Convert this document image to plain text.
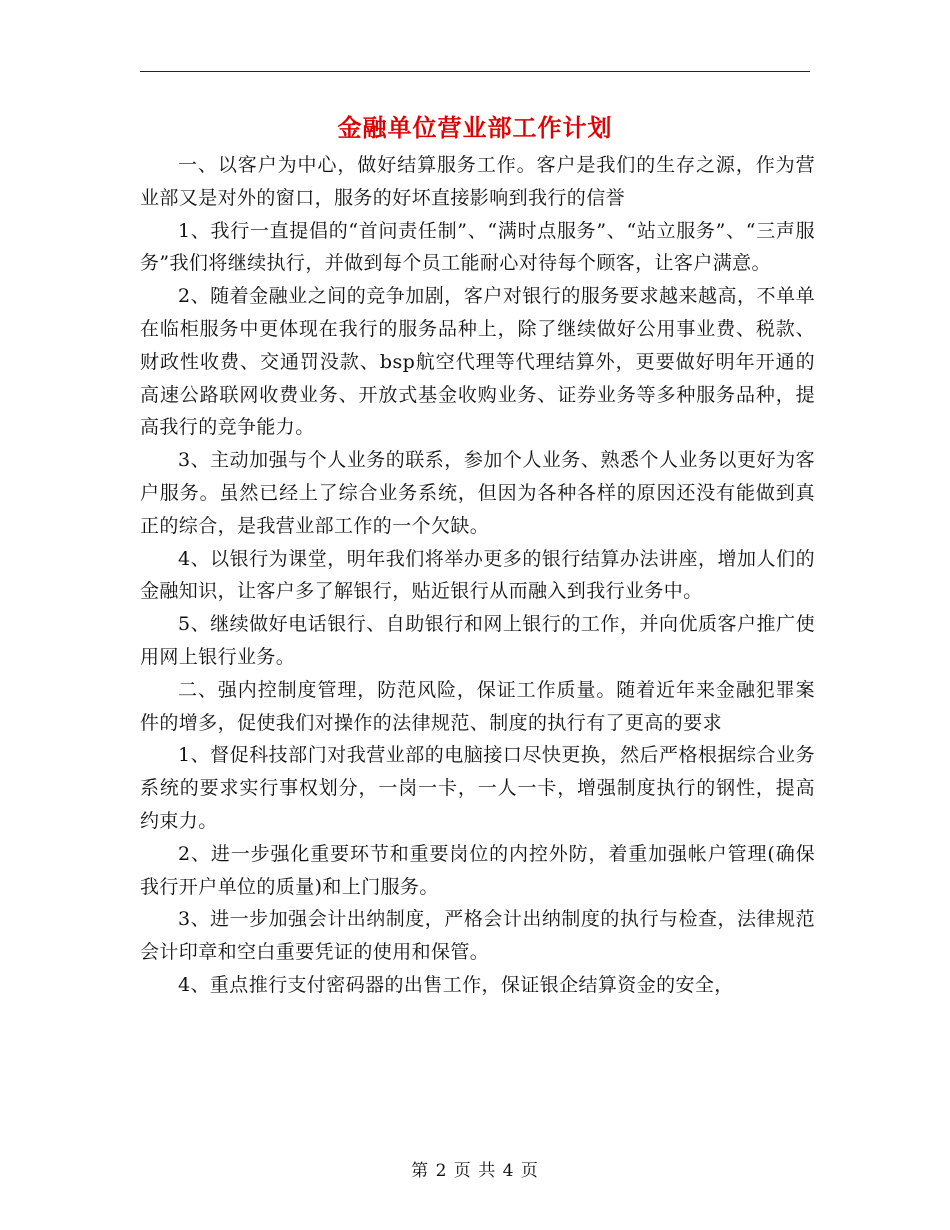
金融单位营业部工作计划

一、以客户为中心，做好结算服务工作。客户是我们的生存之源，作为营业部又是对外的窗口，服务的好坏直接影响到我行的信誉

1、我行一直提倡的“首问责任制”、“满时点服务”、“站立服务”、“三声服务”我们将继续执行，并做到每个员工能耐心对待每个顾客，让客户满意。

2、随着金融业之间的竞争加剧，客户对银行的服务要求越来越高，不单单在临柜服务中更体现在我行的服务品种上，除了继续做好公用事业费、税款、财政性收费、交通罚没款、bsp航空代理等代理结算外，更要做好明年开通的高速公路联网收费业务、开放式基金收购业务、证券业务等多种服务品种，提高我行的竞争能力。

3、主动加强与个人业务的联系，参加个人业务、熟悉个人业务以更好为客户服务。虽然已经上了综合业务系统，但因为各种各样的原因还没有能做到真正的综合，是我营业部工作的一个欠缺。

4、以银行为课堂，明年我们将举办更多的银行结算办法讲座，增加人们的金融知识，让客户多了解银行，贴近银行从而融入到我行业务中。

5、继续做好电话银行、自助银行和网上银行的工作，并向优质客户推广使用网上银行业务。

二、强内控制度管理，防范风险，保证工作质量。随着近年来金融犯罪案件的增多，促使我们对操作的法律规范、制度的执行有了更高的要求

1、督促科技部门对我营业部的电脑接口尽快更换，然后严格根据综合业务系统的要求实行事权划分，一岗一卡，一人一卡，增强制度执行的钢性，提高约束力。

2、进一步强化重要环节和重要岗位的内控外防，着重加强帐户管理(确保我行开户单位的质量)和上门服务。

3、进一步加强会计出纳制度，严格会计出纳制度的执行与检查，法律规范会计印章和空白重要凭证的使用和保管。

4、重点推行支付密码器的出售工作，保证银企结算资金的安全，

第 2 页 共 4 页
